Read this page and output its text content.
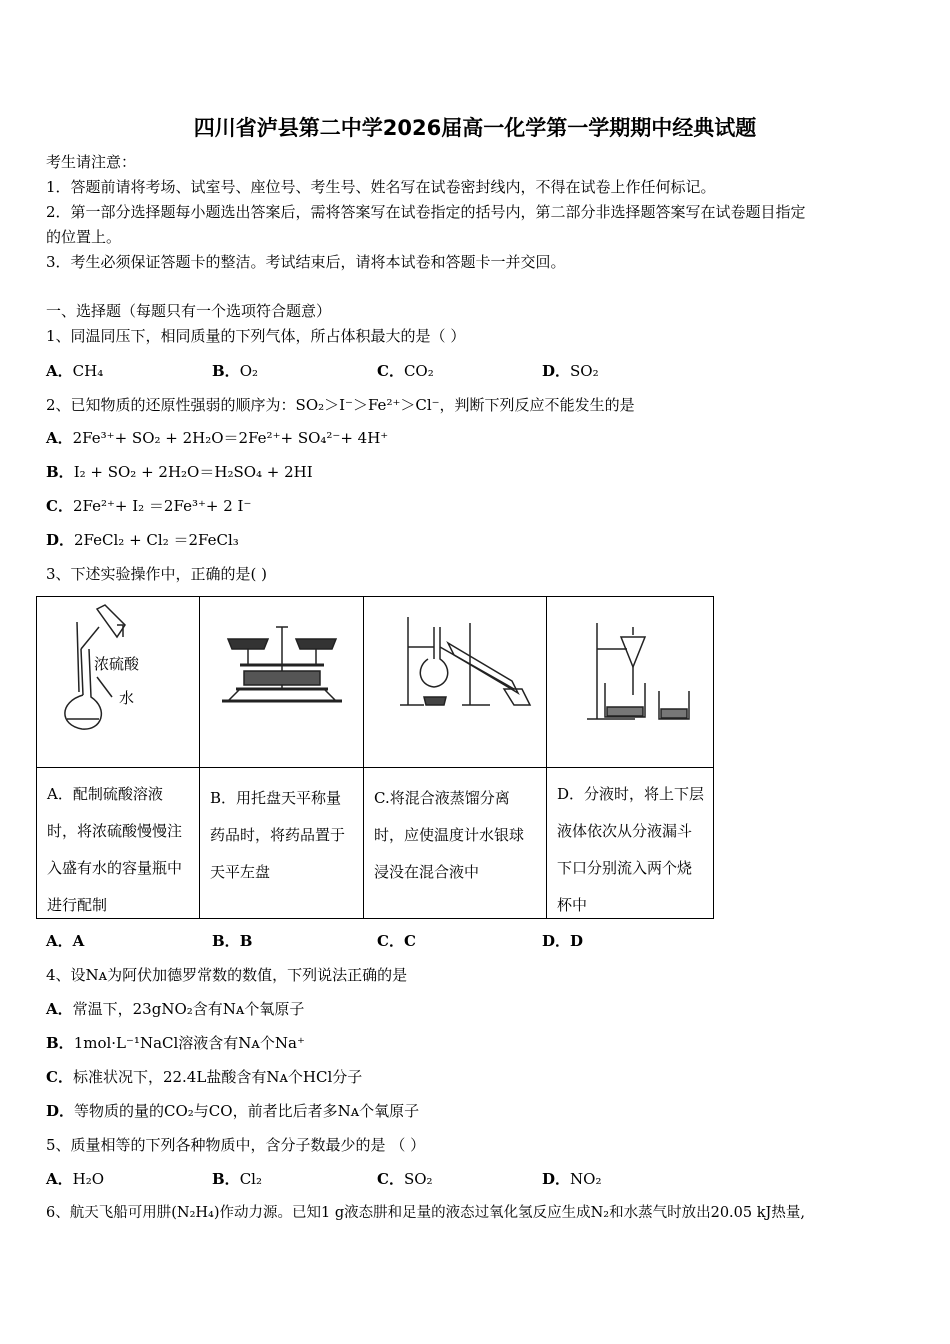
四川省泸县第二中学2026届高一化学第一学期期中经典试题
考生请注意：
1．答题前请将考场、试室号、座位号、考生号、姓名写在试卷密封线内，不得在试卷上作任何标记。
2．第一部分选择题每小题选出答案后，需将答案写在试卷指定的括号内，第二部分非选择题答案写在试卷题目指定
的位置上。
3．考生必须保证答题卡的整洁。考试结束后，请将本试卷和答题卡一并交回。
一、选择题（每题只有一个选项符合题意）
1、同温同压下，相同质量的下列气体，所占体积最大的是（ ）
A．CH₄	B．O₂	C．CO₂	D．SO₂
2、已知物质的还原性强弱的顺序为：SO₂＞I⁻＞Fe²⁺＞Cl⁻，判断下列反应不能发生的是
A．2Fe³⁺+ SO₂ + 2H₂O＝2Fe²⁺+ SO₄²⁻+ 4H⁺
B．I₂ + SO₂ + 2H₂O＝H₂SO₄ + 2HI
C．2Fe²⁺+ I₂ ＝2Fe³⁺+ 2 I⁻
D．2FeCl₂ + Cl₂ ＝2FeCl₃
3、下述实验操作中，正确的是( )
浓硫酸
水

A．配制硫酸溶液时，将浓硫酸慢慢注入盛有水的容量瓶中进行配制	B．用托盘天平称量药品时，将药品置于天平左盘	C.将混合液蒸馏分离时，应使温度计水银球浸没在混合液中	D．分液时，将上下层液体依次从分液漏斗下口分别流入两个烧杯中
A．A	B．B	C．C	D．D
4、设Nᴀ为阿伏加德罗常数的数值，下列说法正确的是
A．常温下，23gNO₂含有Nᴀ个氧原子
B．1mol·L⁻¹NaCl溶液含有Nᴀ个Na⁺
C．标准状况下，22.4L盐酸含有Nᴀ个HCl分子
D．等物质的量的CO₂与CO，前者比后者多Nᴀ个氧原子
5、质量相等的下列各种物质中，含分子数最少的是 （ ）
A．H₂O	B．Cl₂	C．SO₂	D．NO₂
6、航天飞船可用肼(N₂H₄)作动力源。已知1 g液态肼和足量的液态过氧化氢反应生成N₂和水蒸气时放出20.05 kJ热量,
